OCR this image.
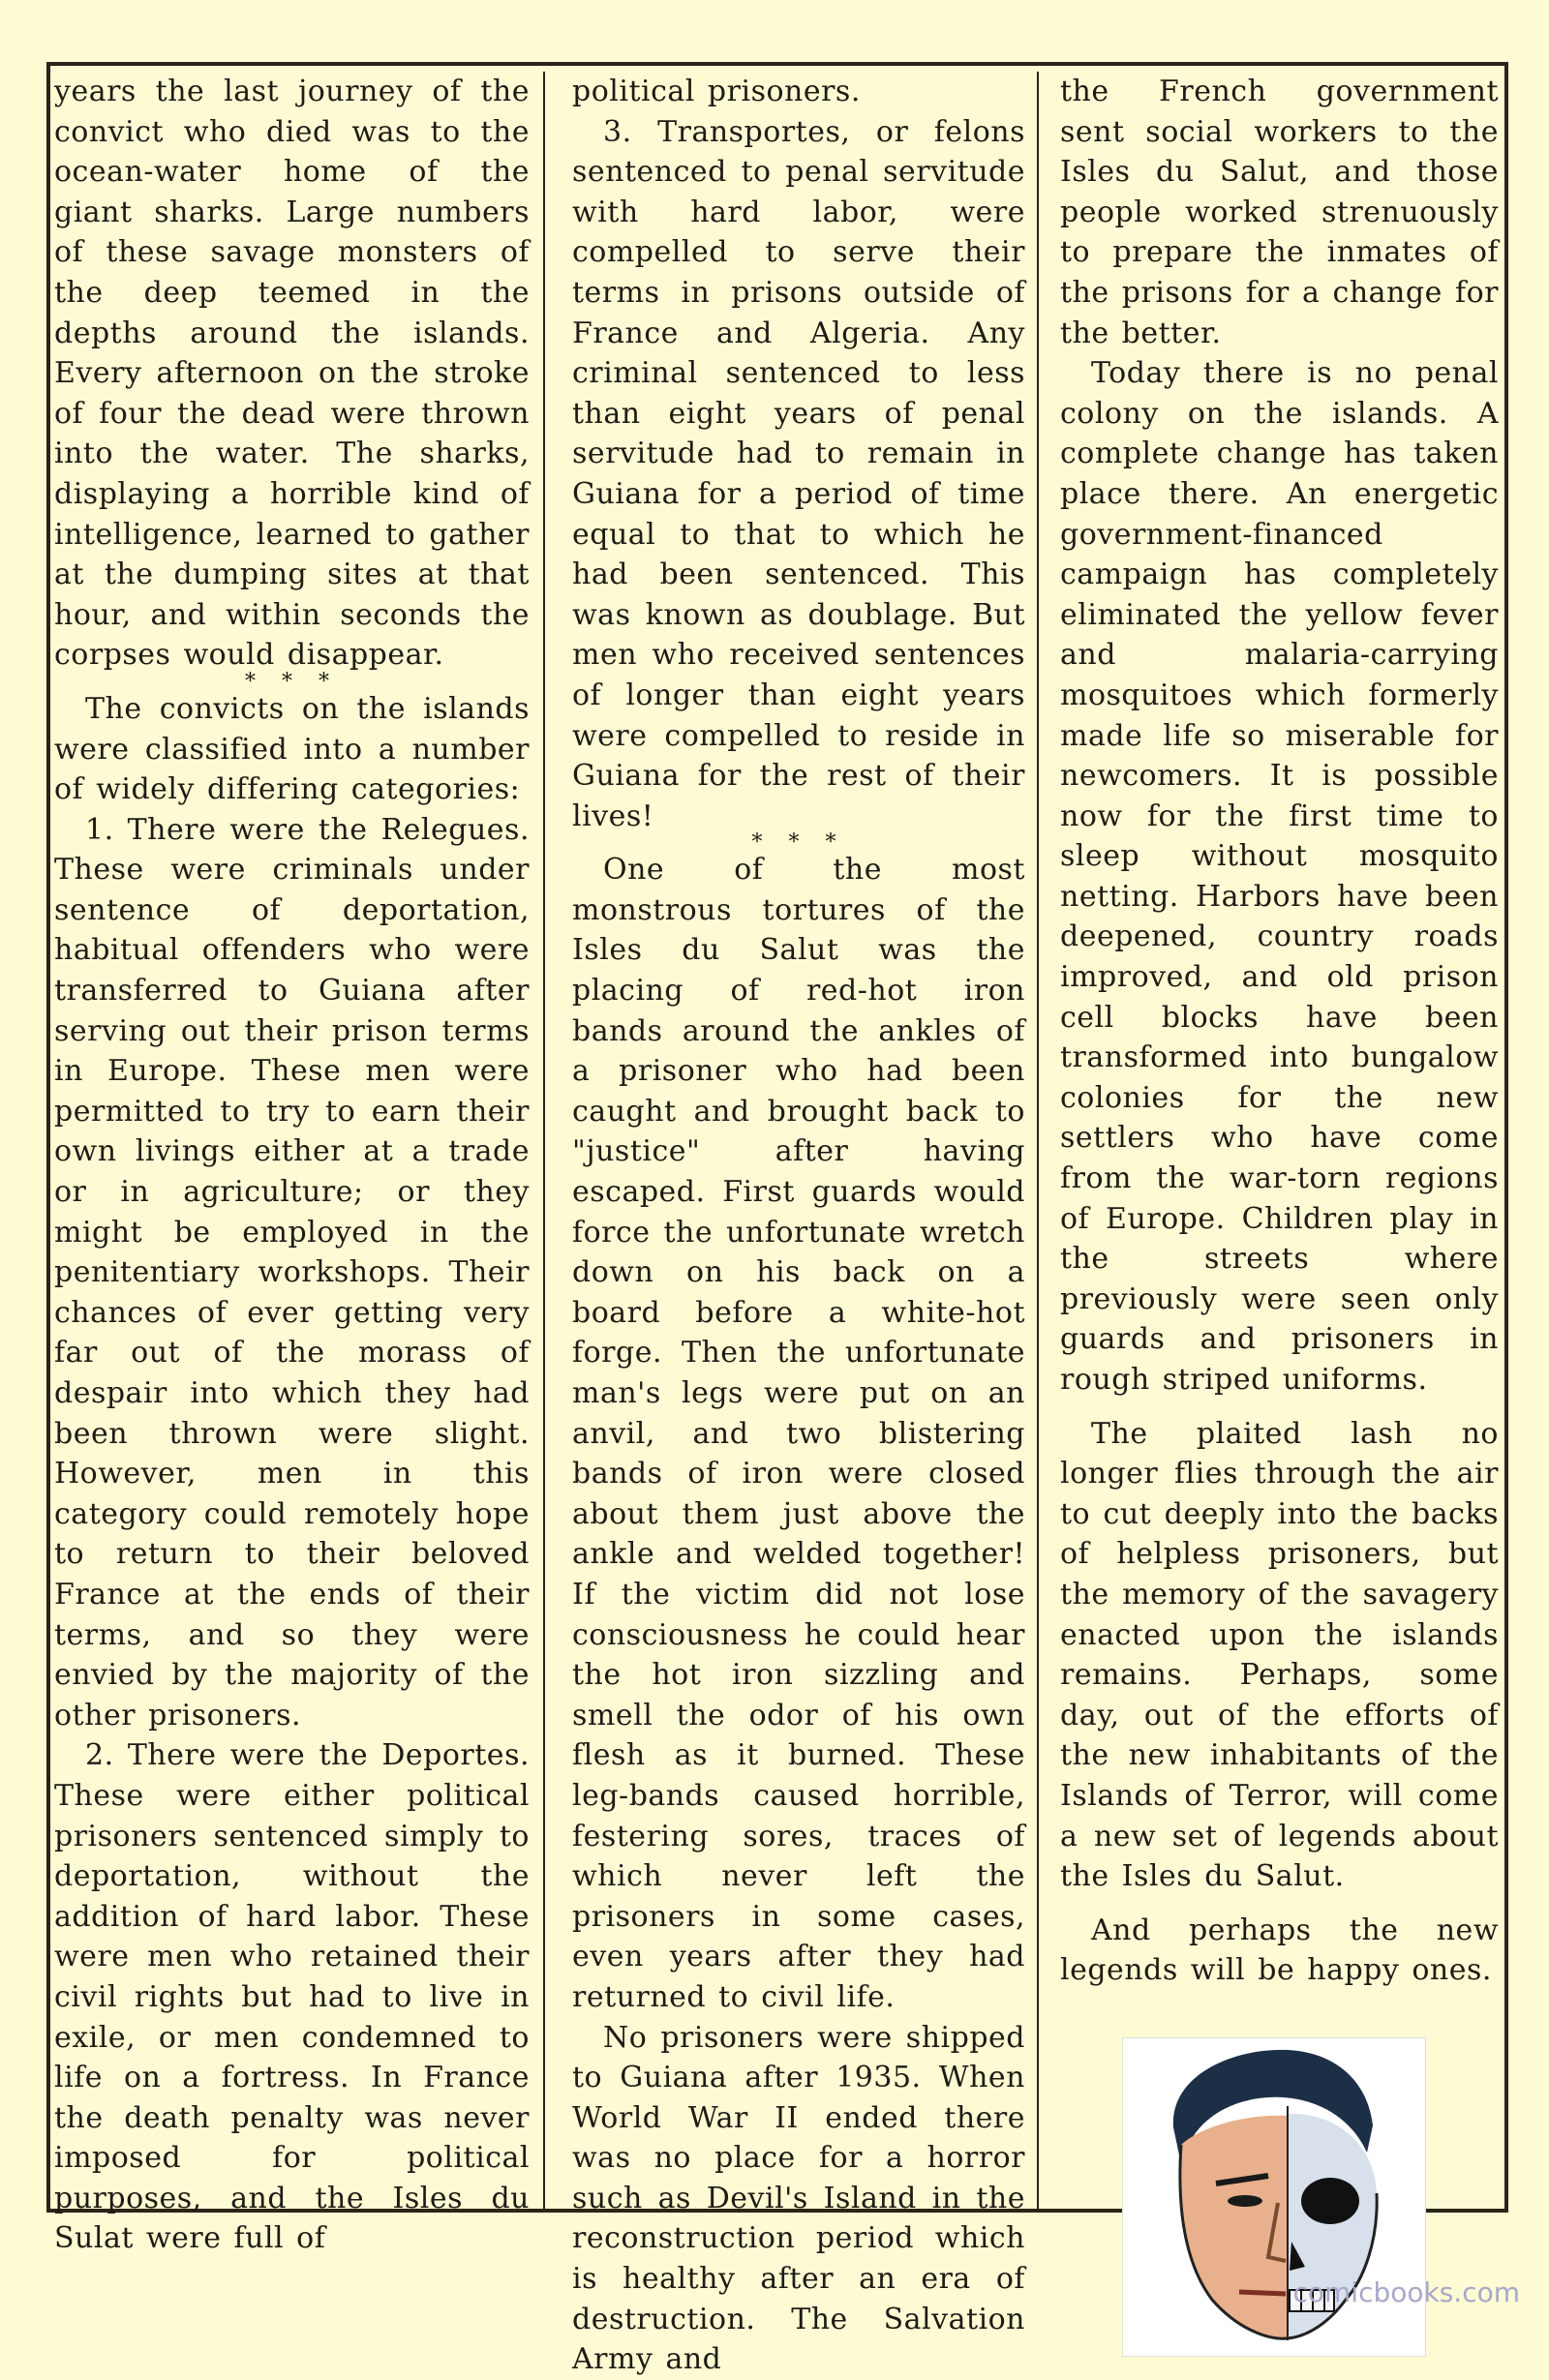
years the last journey of the convict who died was to the ocean-water home of the giant sharks. Large numbers of these savage monsters of the deep teemed in the depths around the islands. Every afternoon on the stroke of four the dead were thrown into the water. The sharks, displaying a horrible kind of intelligence, learned to gather at the dumping sites at that hour, and within seconds the corpses would disappear.

* * *

The convicts on the islands were classified into a number of widely differing categories:

1. There were the Relegues. These were criminals under sentence of deportation, habitual offenders who were transferred to Guiana after serving out their prison terms in Europe. These men were permitted to try to earn their own livings either at a trade or in agriculture; or they might be employed in the penitentiary workshops. Their chances of ever getting very far out of the morass of despair into which they had been thrown were slight. However, men in this category could remotely hope to return to their beloved France at the ends of their terms, and so they were envied by the majority of the other prisoners.

2. There were the Deportes. These were either political prisoners sentenced simply to deportation, without the addition of hard labor. These were men who retained their civil rights but had to live in exile, or men condemned to life on a fortress. In France the death penalty was never imposed for political purposes, and the Isles du Sulat were full of

political prisoners.

3. Transportes, or felons sentenced to penal servitude with hard labor, were compelled to serve their terms in prisons outside of France and Algeria. Any criminal sentenced to less than eight years of penal servitude had to remain in Guiana for a period of time equal to that to which he had been sentenced. This was known as doublage. But men who received sentences of longer than eight years were compelled to reside in Guiana for the rest of their lives!

* * *

One of the most monstrous tortures of the Isles du Salut was the placing of red-hot iron bands around the ankles of a prisoner who had been caught and brought back to "justice" after having escaped. First guards would force the unfortunate wretch down on his back on a board before a white-hot forge. Then the unfortunate man's legs were put on an anvil, and two blistering bands of iron were closed about them just above the ankle and welded together! If the victim did not lose consciousness he could hear the hot iron sizzling and smell the odor of his own flesh as it burned. These leg-bands caused horrible, festering sores, traces of which never left the prisoners in some cases, even years after they had returned to civil life.

No prisoners were shipped to Guiana after 1935. When World War II ended there was no place for a horror such as Devil's Island in the reconstruction period which is healthy after an era of destruction. The Salvation Army and

the French government sent social workers to the Isles du Salut, and those people worked strenuously to prepare the inmates of the prisons for a change for the better.

Today there is no penal colony on the islands. A complete change has taken place there. An energetic government-financed campaign has completely eliminated the yellow fever and malaria-carrying mosquitoes which formerly made life so miserable for newcomers. It is possible now for the first time to sleep without mosquito netting. Harbors have been deepened, country roads improved, and old prison cell blocks have been transformed into bungalow colonies for the new settlers who have come from the war-torn regions of Europe. Children play in the streets where previously were seen only guards and prisoners in rough striped uniforms.

The plaited lash no longer flies through the air to cut deeply into the backs of helpless prisoners, but the memory of the savagery enacted upon the islands remains. Perhaps, some day, out of the efforts of the new inhabitants of the Islands of Terror, will come a new set of legends about the Isles du Salut.

And perhaps the new legends will be happy ones.

comicbooks.com
